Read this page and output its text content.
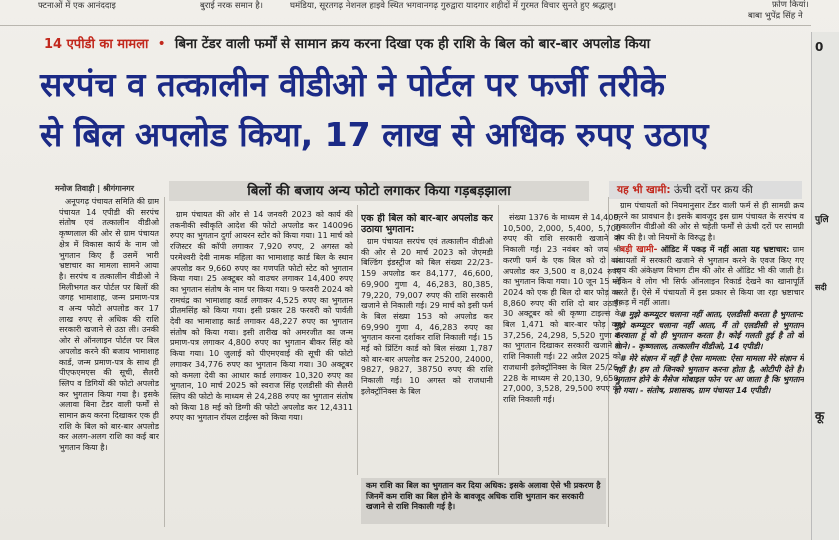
फ्टनाओं में एक आनंददाइ	बुराई नरक समान है।	घमंडिया, सूरतगढ़ नेशनल हाइवे स्थित भगवानगढ़ गुरुद्वारा यादगार शहीदों में गुरमत विचार सुनते हुए श्रद्धालु।	फ़ोण कियां।
बाबा भुपेंद्र सिंह ने
14 एपीडी का मामला • बिना टेंडर वाली फर्मों से सामान क्रय करना दिखा एक ही राशि के बिल को बार-बार अपलोड किया
सरपंच व तत्कालीन वीडीओ ने पोर्टल पर फर्जी तरीके
से बिल अपलोड किया, 17 लाख से अधिक रुपए उठाए
0
पुलि
सदी
कू
मनोज तिवाड़ी | श्रीगंगानगर	बिलों की बजाय अन्य फोटो लगाकर किया गड़बड़झाला	यह भी खामी: ऊंची दरों पर क्रय की

अनूपगढ़ पंचायत समिति की ग्राम पंचायत 14 एपीडी की सरपंच संतोष एवं तत्कालीन वीडीओ कृष्णलाल की ओर से ग्राम पंचायत क्षेत्र में विकास कार्य के नाम जो भुगतान किए हैं उसमें भारी भ्रष्टाचार का मामला सामने आया है। सरपंच व तत्कालीन वीडीओ ने मिलीभगत कर पोर्टल पर बिलों की जगह भामाशाह, जन्म प्रमाण-पत्र व अन्य फोटो अपलोड कर 17 लाख रुपए से अधिक की राशि सरकारी खजाने से उठा ली। उनकी ओर से ऑनलाइन पोर्टल पर बिल अपलोड करने की बजाय भामाशाह कार्ड, जन्म प्रमाण-पत्र के साथ ही पीएफएमएस की सूची, सैलरी स्लिप व डिगियों की फोटो अपलोड कर भुगतान किया गया है। इसके अलावा बिना टेंडर वाली फर्मों से सामान क्रय करना दिखाकर एक ही राशि के बिल को बार-बार अपलोड कर अलग-अलग राशि का कई बार भुगतान किया है।

ग्राम पंचायत की ओर से 14 जनवरी 2023 को कार्य की तकनीकी स्वीकृति आदेश की फोटो अपलोड कर 140096 रुपए का भुगतान दुर्गा आयरन स्टोर को किया गया। 11 मार्च को रजिस्टर की कॉपी लगाकर 7,920 रुपए, 2 अगस्त को परमेश्वरी देवी नामक महिला का भामाशाह कार्ड बिल के स्थान अपलोड कर 9,660 रुपए का गणपति फोटो स्टेट को भुगतान किया गया। 25 अक्टूबर को वाउचर लगाकर 14,400 रुपए का भुगतान संतोष के नाम पर किया गया। 9 फरवरी 2024 को रामचंद्र का भामाशाह कार्ड लगाकर 4,525 रुपए का भुगतान प्रीतमसिंह को किया गया। इसी प्रकार 28 फरवरी को पार्वती देवी का भामाशाह कार्ड लगाकर 48,227 रुपए का भुगतान संतोष को किया गया। इसी तारीख को अमरजीत का जन्म प्रमाण-पत्र लगाकर 4,800 रुपए का भुगतान बीकर सिंह को किया गया। 10 जुलाई को पीएमएवाई की सूची की फोटो लगाकर 34,776 रुपए का भुगतान किया गया। 30 अक्टूबर को कमला देवी का आधार कार्ड लगाकर 10,320 रुपए का भुगतान, 10 मार्च 2025 को स्वराज सिंह एलडीसी की सैलरी स्लिप की फोटो के माध्यम से 24,288 रुपए का भुगतान संतोष को किया 18 मई को डिग्गी की फोटो अपलोड कर 12,4311 रुपए का भुगतान रॉयल टाईल्स को किया गया।

एक ही बिल को बार-बार अपलोड कर उठाया भुगतान:

ग्राम पंचायत सरपंच एवं तत्कालीन वीडीओ की ओर से 20 मार्च 2023 को जेएमडी बिल्डिंग इंडस्ट्रीज को बिल संख्या 22/23-159 अपलोड कर 84,177, 46,600, 69,900 गुणा 4, 46,283, 80,385, 79,220, 79,007 रुपए की राशि सरकारी खजाने से निकाली गई। 29 मार्च को इसी फर्म के बिल संख्या 153 को अपलोड कर 69,990 गुणा 4, 46,283 रुपए का भुगतान करना दर्शाकर राशि निकाली गई। 15 मई को प्रिंटिंग कार्ड को बिल संख्या 1,787 को बार-बार अपलोड कर 25200, 24000, 9827, 9827, 38750 रुपए की राशि निकाली गई। 10 अगस्त को राजधानी इलेक्ट्रॉनिक्स के बिल

संख्या 1376 के माध्यम से 14,400, 10,500, 2,000, 5,400, 5,700 रुपए की राशि सरकारी खजाने से निकाली गई। 23 नवंबर को जय श्री करणी फर्म के एक बिल को दो बार अपलोड कर 3,500 व 8,024 रुपए का भुगतान किया गया। 10 जून 15 मई 2024 को एक ही बिल दो बार फोड़ कर 8,860 रुपए की राशि दो बार उठाई। 30 अक्टूबर को श्री कृष्णा टाइल्स के बिल 1,471 को बार-बार फोड़ कर 37,256, 24,298, 5,520 गुणा 6 का भुगतान दिखाकर सरकारी खजाने से राशि निकाली गई। 22 अप्रैल 2025 को राजधानी इलेक्ट्रॉनिक्स के बिल 25/26-228 के माध्यम से 20,130, 9,650, 27,000, 3,528, 29,500 रुपए की राशि निकाली गई।

कम राशि का बिल का भुगतान कर दिया अधिक: इसके अलावा ऐसे भी प्रकरण है जिनमें कम राशि का बिल होने के बावजूद अधिक राशि भुगतान कर सरकारी खजाने से राशि निकाली गई है।

ग्राम पंचायतों को नियमानुसार टेंडर वाली फर्म से ही सामग्री क्रय करने का प्रावधान है। इसके बावजूद इस ग्राम पंचायत के सरपंच व तत्कालीन वीडीओ की ओर से चहेती फर्मों से ऊंची दरों पर सामग्री क्रय की है। जो नियमों के विरुद्ध है।

बड़ी खामी- ऑडिट में पकड़ में नहीं आता यह भ्रष्टाचार: ग्राम पंचायतों में सरकारी खजाने से भुगतान करने के एवज किए गए व्यय की अंकेक्षण विभाग टीम की ओर से ऑडिट भी की जाती है। लेकिन वे लोग भी सिर्फ ऑनलाइन रिकार्ड देखने का खानापूर्ति करते हैं। ऐसे में पंचायतों में इस प्रकार से किया जा रहा भ्रष्टाचार पकड़ में नहीं आता।

# मुझे कम्प्यूटर चलाना नहीं आता, एलडीसी करता है भुगतान: मुझे कम्प्यूटर चलाना नहीं आता, मैं तो एलडीसी से भुगतान करवाता हूं वो ही भुगतान करता है। कोई गलती हुई है तो वो जाने। - कृष्णलाल, तत्कालीन वीडीओ, 14 एपीडी।

# मेरे संज्ञान में नहीं है ऐसा मामला: ऐसा मामला मेरे संज्ञान में नहीं है। हम तो जिनको भुगतान करना होता है, ओटीपी देते है। भुगतान होने के मैसेज मोबाइल फोन पर आ जाता है कि भुगतान हो गया। - संतोष, प्रशासक, ग्राम पंचायत 14 एपीडी।
